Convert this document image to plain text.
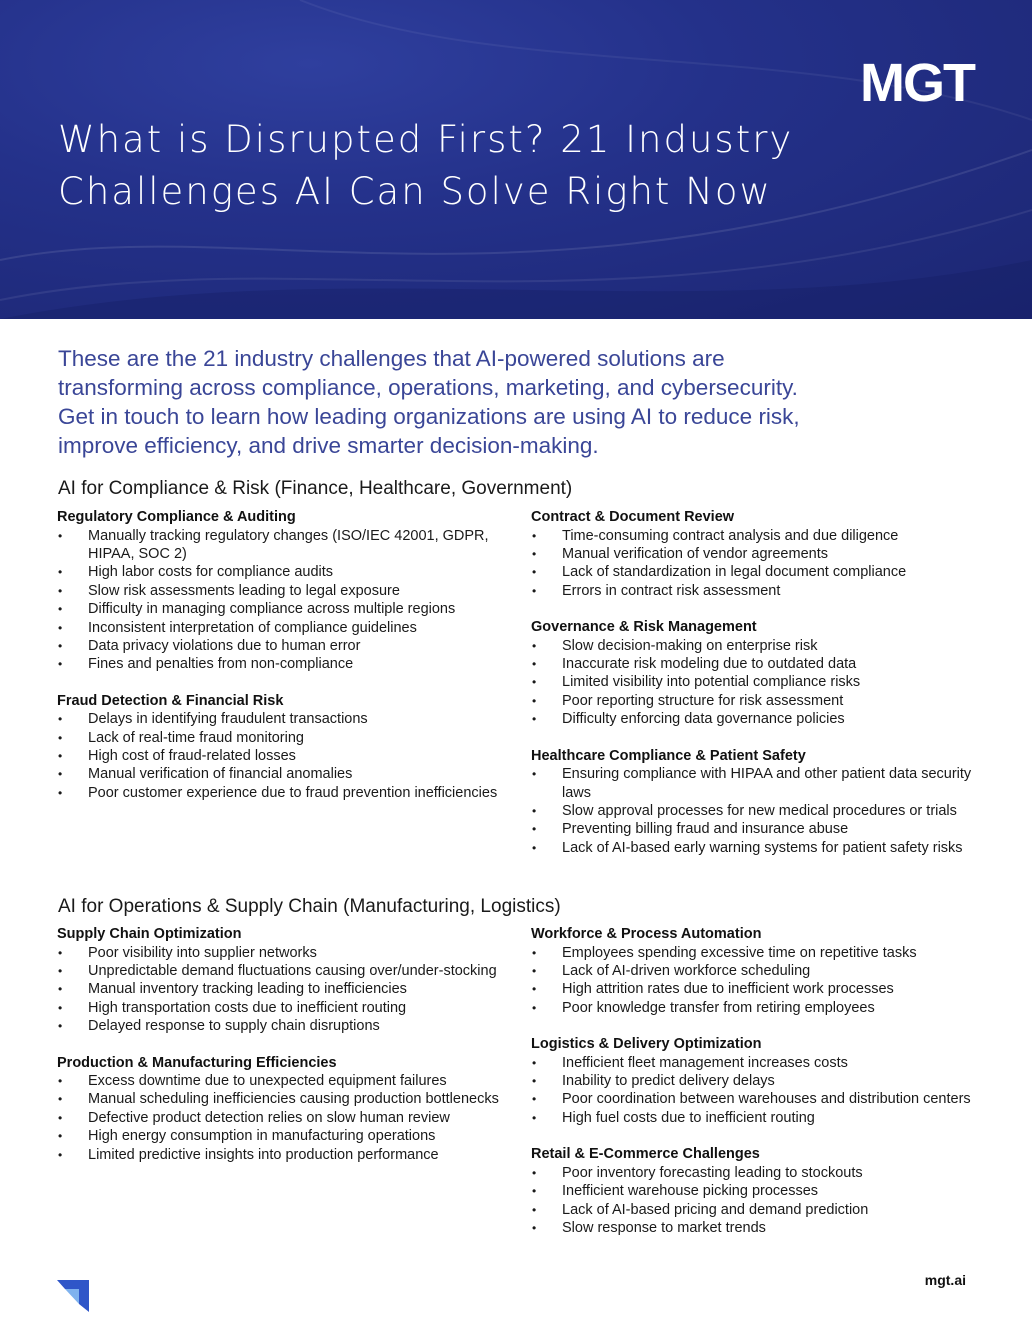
MGT
What is Disrupted First? 21 Industry
Challenges AI Can Solve Right Now
These are the 21 industry challenges that AI-powered solutions are
transforming across compliance, operations, marketing, and cybersecurity.
Get in touch to learn how leading organizations are using AI to reduce risk,
improve efficiency, and drive smarter decision-making.
AI for Compliance & Risk (Finance, Healthcare, Government)
Regulatory Compliance & Auditing
• Manually tracking regulatory changes (ISO/IEC 42001, GDPR, HIPAA, SOC 2)
• High labor costs for compliance audits
• Slow risk assessments leading to legal exposure
• Difficulty in managing compliance across multiple regions
• Inconsistent interpretation of compliance guidelines
• Data privacy violations due to human error
• Fines and penalties from non-compliance
Fraud Detection & Financial Risk
• Delays in identifying fraudulent transactions
• Lack of real-time fraud monitoring
• High cost of fraud-related losses
• Manual verification of financial anomalies
• Poor customer experience due to fraud prevention inefficiencies
Contract & Document Review
• Time-consuming contract analysis and due diligence
• Manual verification of vendor agreements
• Lack of standardization in legal document compliance
• Errors in contract risk assessment
Governance & Risk Management
• Slow decision-making on enterprise risk
• Inaccurate risk modeling due to outdated data
• Limited visibility into potential compliance risks
• Poor reporting structure for risk assessment
• Difficulty enforcing data governance policies
Healthcare Compliance & Patient Safety
• Ensuring compliance with HIPAA and other patient data security laws
• Slow approval processes for new medical procedures or trials
• Preventing billing fraud and insurance abuse
• Lack of AI-based early warning systems for patient safety risks
AI for Operations & Supply Chain (Manufacturing, Logistics)
Supply Chain Optimization
• Poor visibility into supplier networks
• Unpredictable demand fluctuations causing over/under-stocking
• Manual inventory tracking leading to inefficiencies
• High transportation costs due to inefficient routing
• Delayed response to supply chain disruptions
Production & Manufacturing Efficiencies
• Excess downtime due to unexpected equipment failures
• Manual scheduling inefficiencies causing production bottlenecks
• Defective product detection relies on slow human review
• High energy consumption in manufacturing operations
• Limited predictive insights into production performance
Workforce & Process Automation
• Employees spending excessive time on repetitive tasks
• Lack of AI-driven workforce scheduling
• High attrition rates due to inefficient work processes
• Poor knowledge transfer from retiring employees
Logistics & Delivery Optimization
• Inefficient fleet management increases costs
• Inability to predict delivery delays
• Poor coordination between warehouses and distribution centers
• High fuel costs due to inefficient routing
Retail & E-Commerce Challenges
• Poor inventory forecasting leading to stockouts
• Inefficient warehouse picking processes
• Lack of AI-based pricing and demand prediction
• Slow response to market trends
mgt.ai
